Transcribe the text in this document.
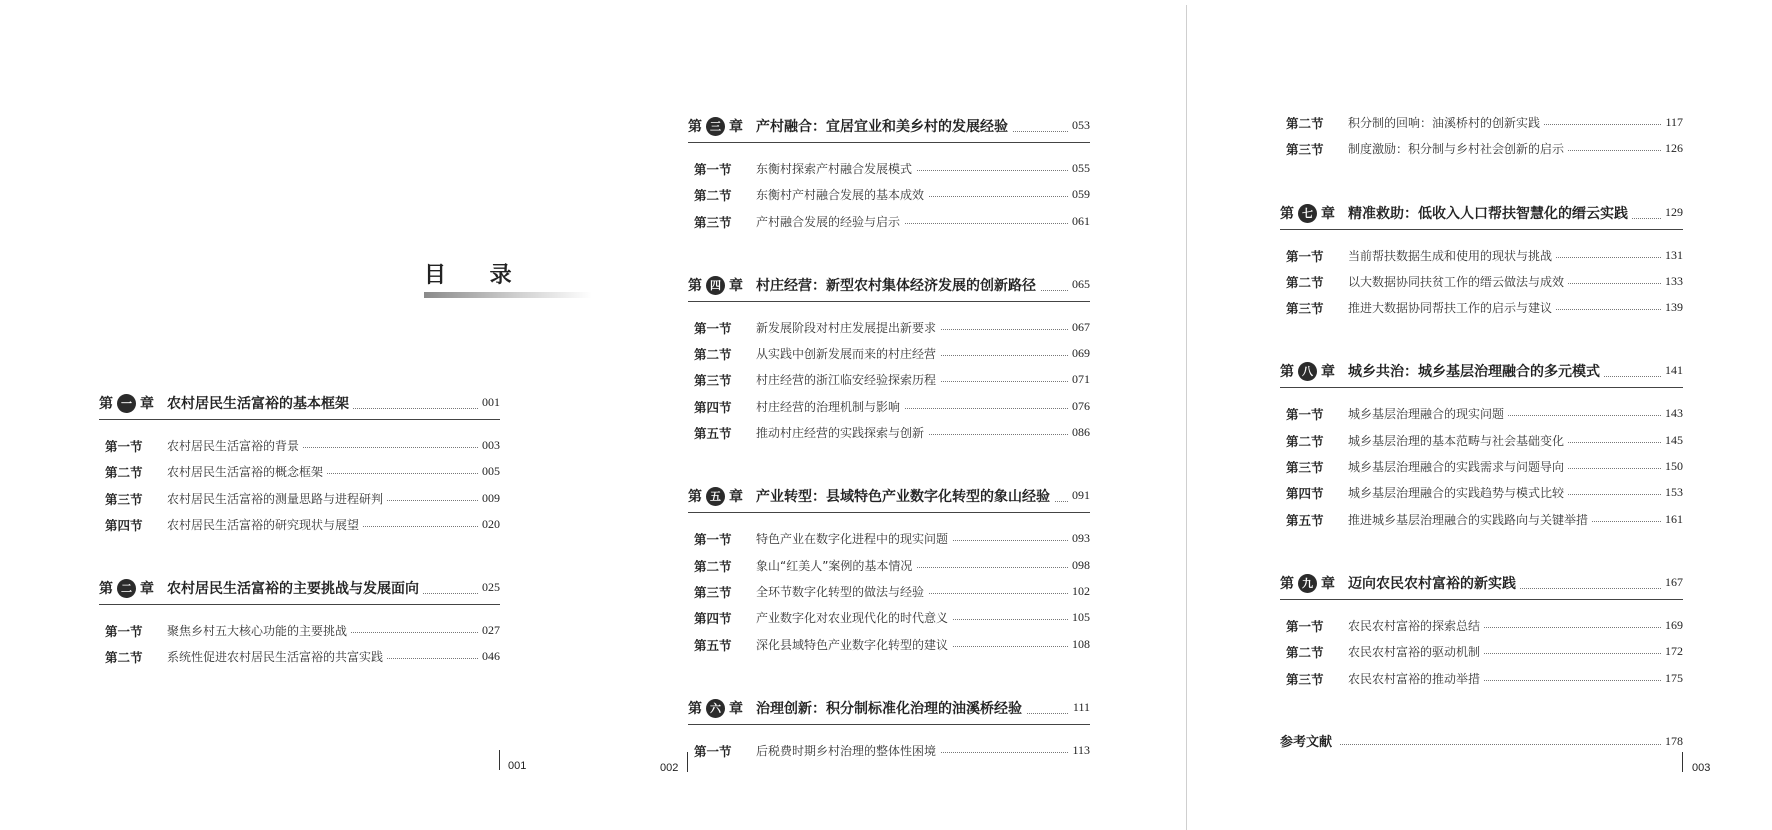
目 录
第 一 章 农村居民生活富裕的基本框架	001
第一节 农村居民生活富裕的背景	003
第二节 农村居民生活富裕的概念框架	005
第三节 农村居民生活富裕的测量思路与进程研判	009
第四节 农村居民生活富裕的研究现状与展望	020
第 二 章 农村居民生活富裕的主要挑战与发展面向	025
第一节 聚焦乡村五大核心功能的主要挑战	027
第二节 系统性促进农村居民生活富裕的共富实践	046
第 三 章 产村融合：宜居宜业和美乡村的发展经验	053
第一节 东衡村探索产村融合发展模式	055
第二节 东衡村产村融合发展的基本成效	059
第三节 产村融合发展的经验与启示	061
第 四 章 村庄经营：新型农村集体经济发展的创新路径	065
第一节 新发展阶段对村庄发展提出新要求	067
第二节 从实践中创新发展而来的村庄经营	069
第三节 村庄经营的浙江临安经验探索历程	071
第四节 村庄经营的治理机制与影响	076
第五节 推动村庄经营的实践探索与创新	086
第 五 章 产业转型：县域特色产业数字化转型的象山经验	091
第一节 特色产业在数字化进程中的现实问题	093
第二节 象山“红美人”案例的基本情况	098
第三节 全环节数字化转型的做法与经验	102
第四节 产业数字化对农业现代化的时代意义	105
第五节 深化县域特色产业数字化转型的建议	108
第 六 章 治理创新：积分制标准化治理的油溪桥经验	111
第一节 后税费时期乡村治理的整体性困境	113
第二节 积分制的回响：油溪桥村的创新实践	117
第三节 制度激励：积分制与乡村社会创新的启示	126
第 七 章 精准救助：低收入人口帮扶智慧化的缙云实践	129
第一节 当前帮扶数据生成和使用的现状与挑战	131
第二节 以大数据协同扶贫工作的缙云做法与成效	133
第三节 推进大数据协同帮扶工作的启示与建议	139
第 八 章 城乡共治：城乡基层治理融合的多元模式	141
第一节 城乡基层治理融合的现实问题	143
第二节 城乡基层治理的基本范畴与社会基础变化	145
第三节 城乡基层治理融合的实践需求与问题导向	150
第四节 城乡基层治理融合的实践趋势与模式比较	153
第五节 推进城乡基层治理融合的实践路向与关键举措	161
第 九 章 迈向农民农村富裕的新实践	167
第一节 农民农村富裕的探索总结	169
第二节 农民农村富裕的驱动机制	172
第三节 农民农村富裕的推动举措	175
参考文献	178
001	002	003
